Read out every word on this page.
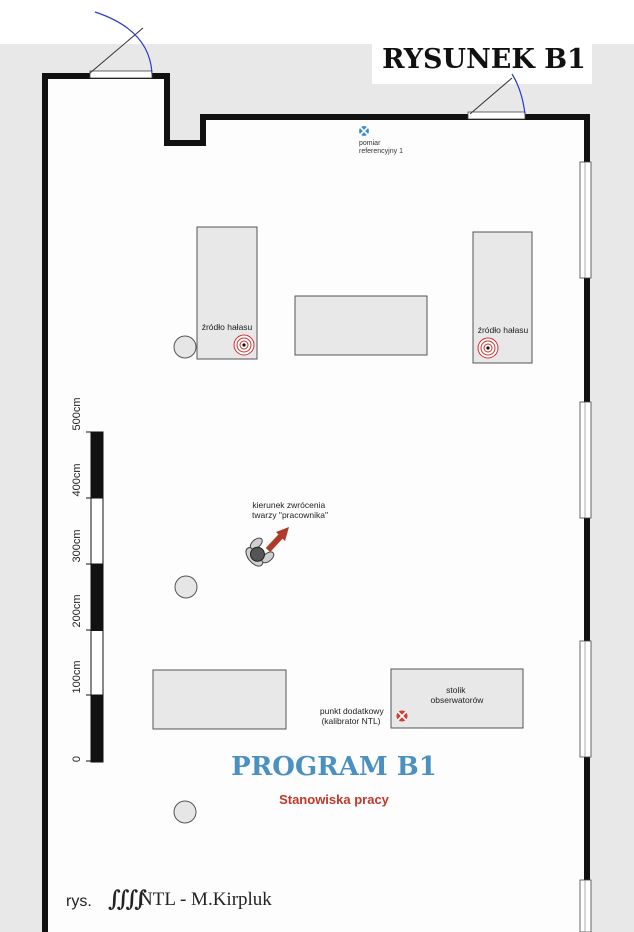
RYSUNEK B1
pomiar referencyjny 1
źródło hałasu	źródło hałasu
kierunek zwrócenia twarzy "pracownika"
stolik obserwatorów
punkt dodatkowy (kalibrator NTL)
0
100cm
200cm
300cm
400cm
500cm
PROGRAM B1
Stanowiska pracy
rys. ∫∫∫∫
NTL - M.Kirpluk
